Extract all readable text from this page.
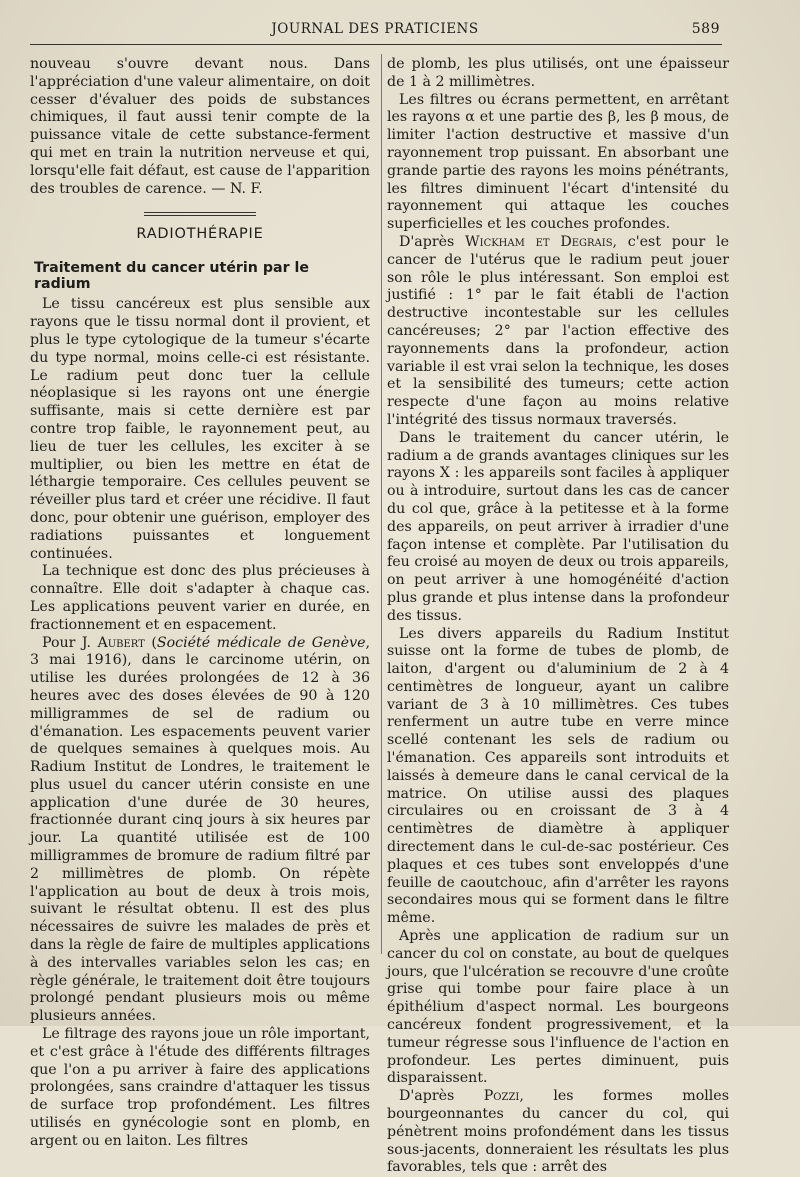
JOURNAL DES PRATICIENS	589

nouveau s'ouvre devant nous. Dans l'appréciation d'une valeur alimentaire, on doit cesser d'évaluer des poids de substances chimiques, il faut aussi tenir compte de la puissance vitale de cette substance-ferment qui met en train la nutrition nerveuse et qui, lorsqu'elle fait défaut, est cause de l'apparition des troubles de carence. — N. F.

RADIOTHÉRAPIE
Traitement du cancer utérin par le radium

Le tissu cancéreux est plus sensible aux rayons que le tissu normal dont il provient, et plus le type cytologique de la tumeur s'écarte du type normal, moins celle-ci est résistante. Le radium peut donc tuer la cellule néoplasique si les rayons ont une énergie suffisante, mais si cette dernière est par contre trop faible, le rayonnement peut, au lieu de tuer les cellules, les exciter à se multiplier, ou bien les mettre en état de léthargie temporaire. Ces cellules peuvent se réveiller plus tard et créer une récidive. Il faut donc, pour obtenir une guérison, employer des radiations puissantes et longuement continuées.

La technique est donc des plus précieuses à connaître. Elle doit s'adapter à chaque cas. Les applications peuvent varier en durée, en fractionnement et en espacement.

Pour J. Aubert (Société médicale de Genève, 3 mai 1916), dans le carcinome utérin, on utilise les durées prolongées de 12 à 36 heures avec des doses élevées de 90 à 120 milligrammes de sel de radium ou d'émanation. Les espacements peuvent varier de quelques semaines à quelques mois. Au Radium Institut de Londres, le traitement le plus usuel du cancer utérin consiste en une application d'une durée de 30 heures, fractionnée durant cinq jours à six heures par jour. La quantité utilisée est de 100 milligrammes de bromure de radium filtré par 2 millimètres de plomb. On répète l'application au bout de deux à trois mois, suivant le résultat obtenu. Il est des plus nécessaires de suivre les malades de près et dans la règle de faire de multiples applications à des intervalles variables selon les cas; en règle générale, le traitement doit être toujours prolongé pendant plusieurs mois ou même plusieurs années.

Le filtrage des rayons joue un rôle important, et c'est grâce à l'étude des différents filtrages que l'on a pu arriver à faire des applications prolongées, sans craindre d'attaquer les tissus de surface trop profondément. Les filtres utilisés en gynécologie sont en plomb, en argent ou en laiton. Les filtres

de plomb, les plus utilisés, ont une épaisseur de 1 à 2 millimètres.

Les filtres ou écrans permettent, en arrêtant les rayons α et une partie des β, les β mous, de limiter l'action destructive et massive d'un rayonnement trop puissant. En absorbant une grande partie des rayons les moins pénétrants, les filtres diminuent l'écart d'intensité du rayonnement qui attaque les couches superficielles et les couches profondes.

D'après Wickham et Degrais, c'est pour le cancer de l'utérus que le radium peut jouer son rôle le plus intéressant. Son emploi est justifié : 1° par le fait établi de l'action destructive incontestable sur les cellules cancéreuses; 2° par l'action effective des rayonnements dans la profondeur, action variable il est vrai selon la technique, les doses et la sensibilité des tumeurs; cette action respecte d'une façon au moins relative l'intégrité des tissus normaux traversés.

Dans le traitement du cancer utérin, le radium a de grands avantages cliniques sur les rayons X : les appareils sont faciles à appliquer ou à introduire, surtout dans les cas de cancer du col que, grâce à la petitesse et à la forme des appareils, on peut arriver à irradier d'une façon intense et complète. Par l'utilisation du feu croisé au moyen de deux ou trois appareils, on peut arriver à une homogénéité d'action plus grande et plus intense dans la profondeur des tissus.

Les divers appareils du Radium Institut suisse ont la forme de tubes de plomb, de laiton, d'argent ou d'aluminium de 2 à 4 centimètres de longueur, ayant un calibre variant de 3 à 10 millimètres. Ces tubes renferment un autre tube en verre mince scellé contenant les sels de radium ou l'émanation. Ces appareils sont introduits et laissés à demeure dans le canal cervical de la matrice. On utilise aussi des plaques circulaires ou en croissant de 3 à 4 centimètres de diamètre à appliquer directement dans le cul-de-sac postérieur. Ces plaques et ces tubes sont enveloppés d'une feuille de caoutchouc, afin d'arrêter les rayons secondaires mous qui se forment dans le filtre même.

Après une application de radium sur un cancer du col on constate, au bout de quelques jours, que l'ulcération se recouvre d'une croûte grise qui tombe pour faire place à un épithélium d'aspect normal. Les bourgeons cancéreux fondent progressivement, et la tumeur régresse sous l'influence de l'action en profondeur. Les pertes diminuent, puis disparaissent.

D'après Pozzi, les formes molles bourgeonnantes du cancer du col, qui pénètrent moins profondément dans les tissus sous-jacents, donneraient les résultats les plus favorables, tels que : arrêt des
